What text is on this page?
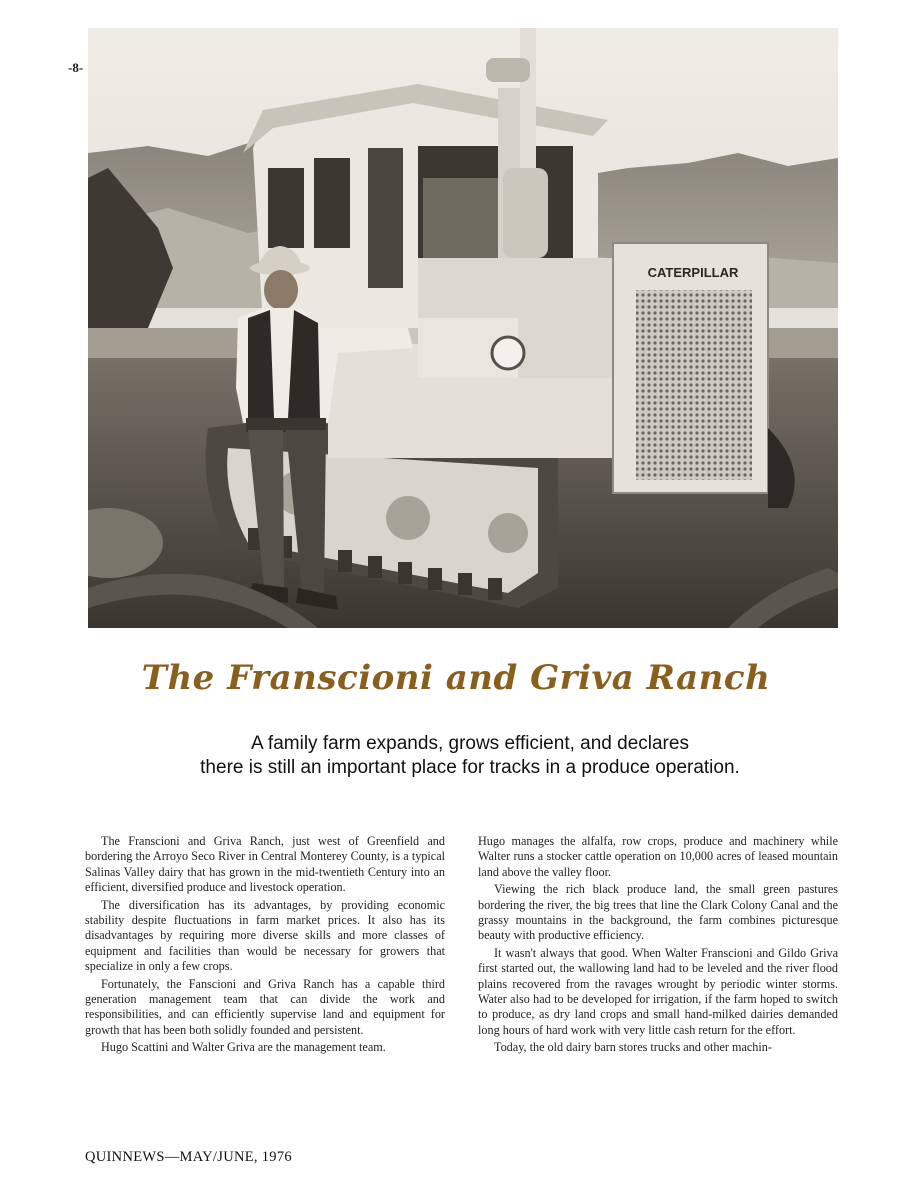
-8-
CATERPILLAR
The Franscioni and Griva Ranch
A family farm expands, grows efficient, and declares
there is still an important place for tracks in a produce operation.

The Franscioni and Griva Ranch, just west of Greenfield and bordering the Arroyo Seco River in Central Monterey County, is a typical Salinas Valley dairy that has grown in the mid-twentieth Century into an efficient, diversified produce and livestock operation.

The diversification has its advantages, by providing economic stability despite fluctuations in farm market prices. It also has its disadvantages by requiring more diverse skills and more classes of equipment and facilities than would be necessary for growers that specialize in only a few crops.

Fortunately, the Fanscioni and Griva Ranch has a capable third generation management team that can divide the work and responsibilities, and can efficiently supervise land and equipment for growth that has been both solidly founded and persistent.

Hugo Scattini and Walter Griva are the management team.

Hugo manages the alfalfa, row crops, produce and machinery while Walter runs a stocker cattle operation on 10,000 acres of leased mountain land above the valley floor.

Viewing the rich black produce land, the small green pastures bordering the river, the big trees that line the Clark Colony Canal and the grassy mountains in the background, the farm combines picturesque beauty with productive efficiency.

It wasn't always that good. When Walter Franscioni and Gildo Griva first started out, the wallowing land had to be leveled and the river flood plains recovered from the ravages wrought by periodic winter storms. Water also had to be developed for irrigation, if the farm hoped to switch to produce, as dry land crops and small hand-milked dairies demanded long hours of hard work with very little cash return for the effort.

Today, the old dairy barn stores trucks and other machin-

QUINNEWS—MAY/JUNE, 1976
